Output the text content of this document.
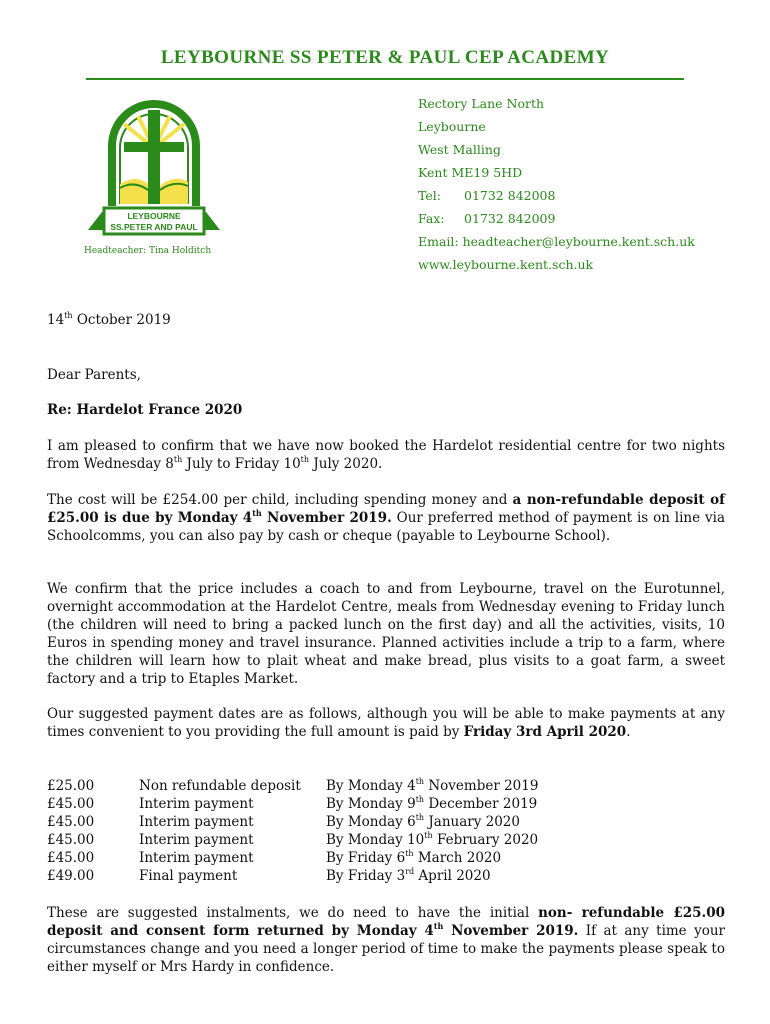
LEYBOURNE SS PETER & PAUL CEP ACADEMY
LEYBOURNE
SS.PETER AND PAUL
Headteacher: Tina Holditch
Rectory Lane North
Leybourne
West Malling
Kent ME19 5HD
Tel: 01732 842008
Fax: 01732 842009
Email: headteacher@leybourne.kent.sch.uk
www.leybourne.kent.sch.uk
14th October 2019
Dear Parents,
Re: Hardelot France 2020

I am pleased to confirm that we have now booked the Hardelot residential centre for two nights from Wednesday 8th July to Friday 10th July 2020.

The cost will be £254.00 per child, including spending money and a non-refundable deposit of £25.00 is due by Monday 4th November 2019. Our preferred method of payment is on line via Schoolcomms, you can also pay by cash or cheque (payable to Leybourne School).

We confirm that the price includes a coach to and from Leybourne, travel on the Eurotunnel, overnight accommodation at the Hardelot Centre, meals from Wednesday evening to Friday lunch (the children will need to bring a packed lunch on the first day) and all the activities, visits, 10 Euros in spending money and travel insurance. Planned activities include a trip to a farm, where the children will learn how to plait wheat and make bread, plus visits to a goat farm, a sweet factory and a trip to Etaples Market.

Our suggested payment dates are as follows, although you will be able to make payments at any times convenient to you providing the full amount is paid by Friday 3rd April 2020.

£25.00	Non refundable deposit	By Monday 4th November 2019
£45.00	Interim payment	By Monday 9th December 2019
£45.00	Interim payment	By Monday 6th January 2020
£45.00	Interim payment	By Monday 10th February 2020
£45.00	Interim payment	By Friday 6th March 2020
£49.00	Final payment	By Friday 3rd April 2020

These are suggested instalments, we do need to have the initial non- refundable £25.00 deposit and consent form returned by Monday 4th November 2019. If at any time your circumstances change and you need a longer period of time to make the payments please speak to either myself or Mrs Hardy in confidence.
